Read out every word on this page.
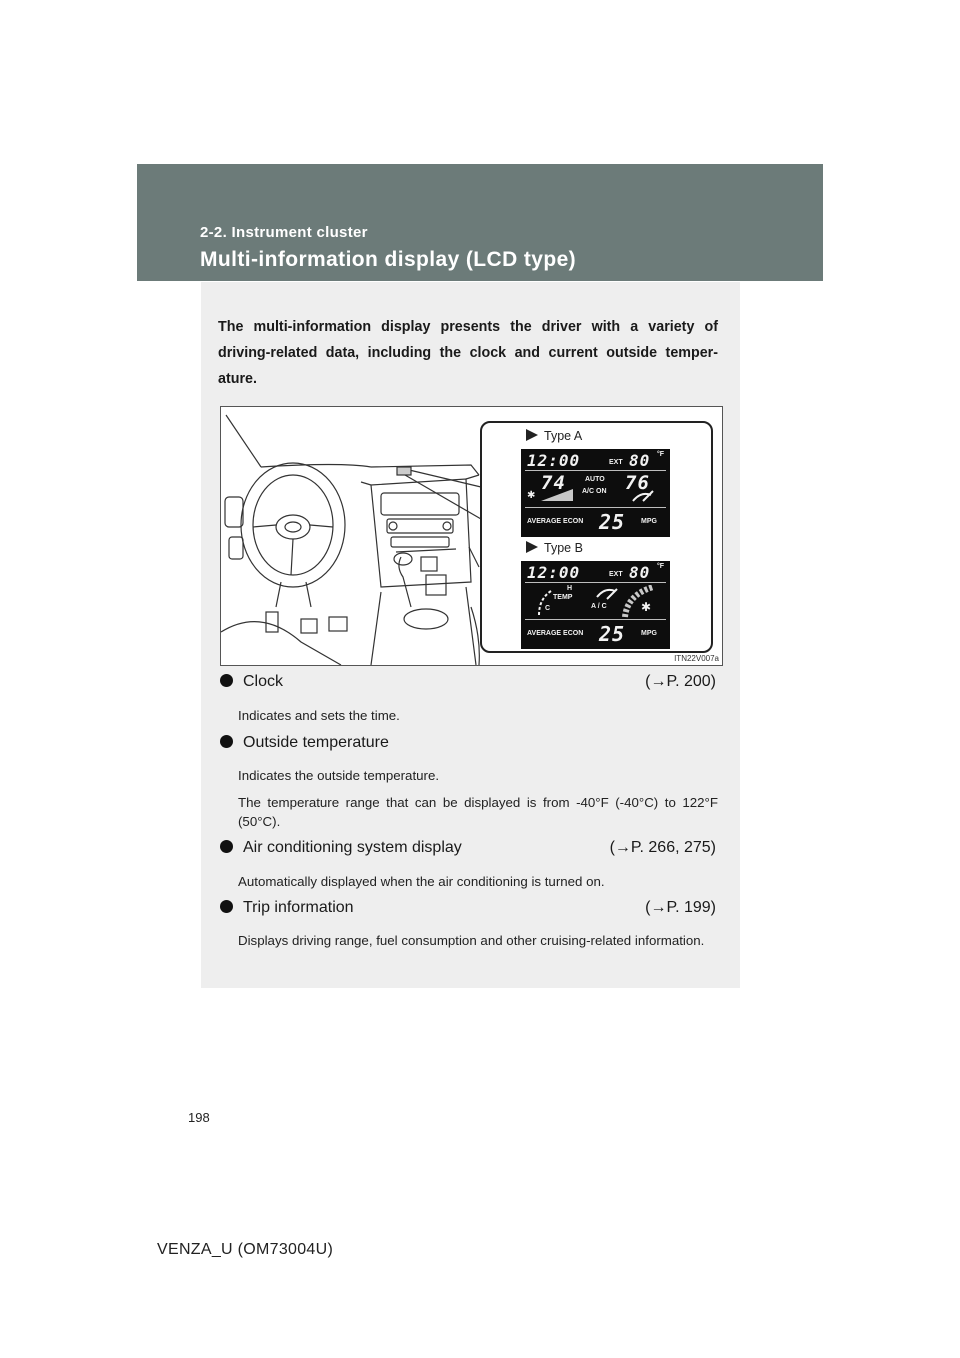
2-2. Instrument cluster
Multi-information display (LCD type)
The multi-information display presents the driver with a variety of driving-related data, including the clock and current outside temper-ature.
Type A
12:00	EXT 80 °F
74	AUTO
A/C ON 76
✱
AVERAGE ECON 25	MPG
Type B
12:00	EXT 80 °F
H
TEMP
C	A / C	✱
AVERAGE ECON 25	MPG
ITN22V007a
Clock	(→P. 200)
Indicates and sets the time.
Outside temperature
Indicates the outside temperature.
The temperature range that can be displayed is from -40°F (-40°C) to 122°F (50°C).
Air conditioning system display	(→P. 266, 275)
Automatically displayed when the air conditioning is turned on.
Trip information	(→P. 199)
Displays driving range, fuel consumption and other cruising-related information.
198
VENZA_U (OM73004U)
